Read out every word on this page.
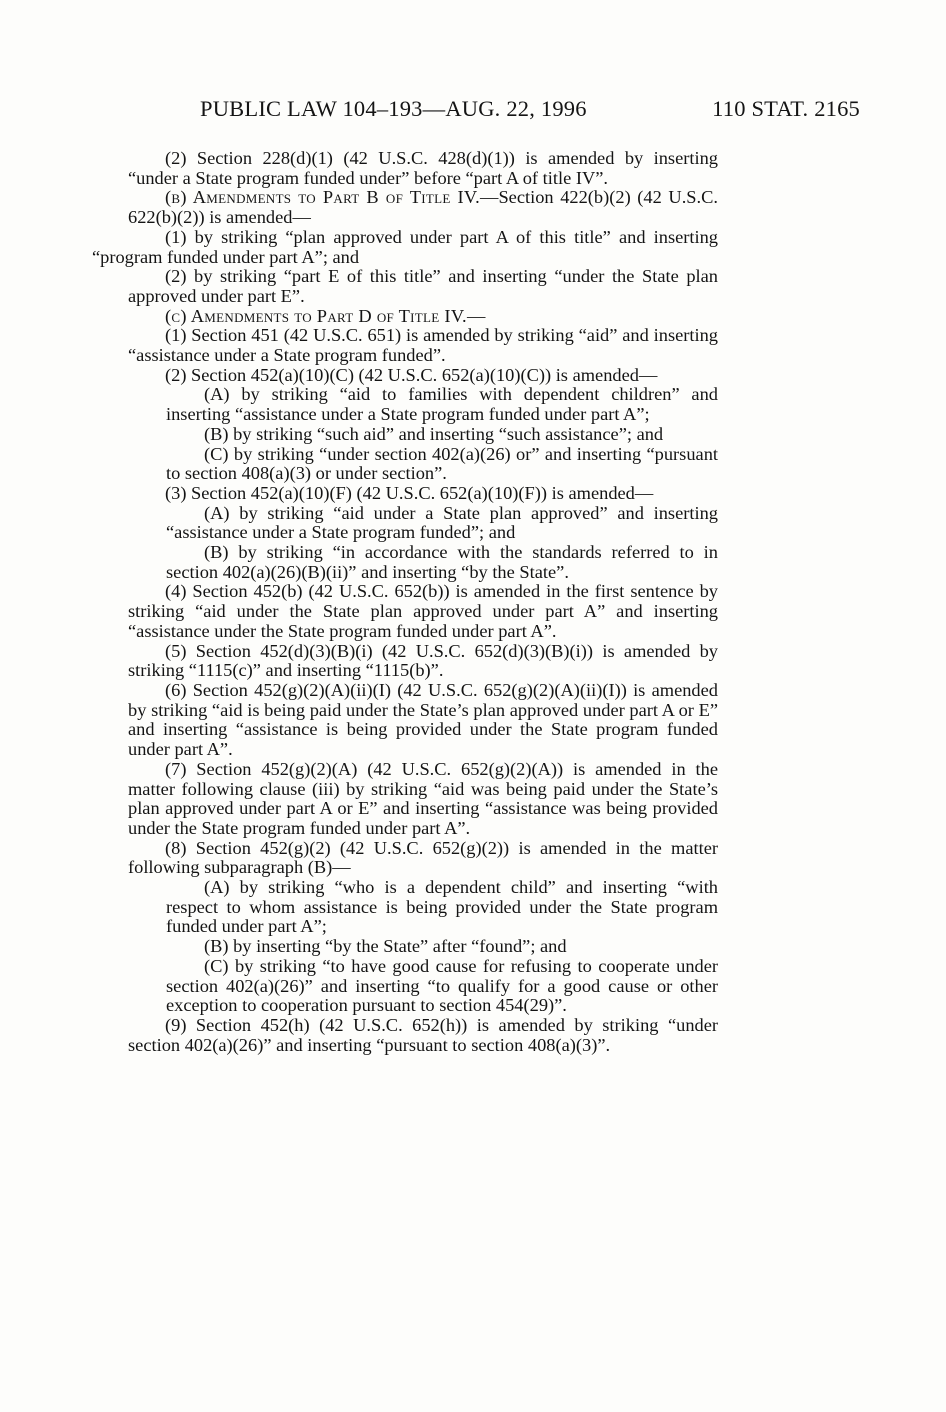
PUBLIC LAW 104–193—AUG. 22, 1996	110 STAT. 2165

(2) Section 228(d)(1) (42 U.S.C. 428(d)(1)) is amended by inserting “under a State program funded under” before “part A of title IV”.

(b) Amendments to Part B of Title IV.—Section 422(b)(2) (42 U.S.C. 622(b)(2)) is amended—

(1) by striking “plan approved under part A of this title” and inserting “program funded under part A”; and

(2) by striking “part E of this title” and inserting “under the State plan approved under part E”.

(c) Amendments to Part D of Title IV.—

(1) Section 451 (42 U.S.C. 651) is amended by striking “aid” and inserting “assistance under a State program funded”.

(2) Section 452(a)(10)(C) (42 U.S.C. 652(a)(10)(C)) is amended—

(A) by striking “aid to families with dependent children” and inserting “assistance under a State program funded under part A”;

(B) by striking “such aid” and inserting “such assistance”; and

(C) by striking “under section 402(a)(26) or” and inserting “pursuant to section 408(a)(3) or under section”.

(3) Section 452(a)(10)(F) (42 U.S.C. 652(a)(10)(F)) is amended—

(A) by striking “aid under a State plan approved” and inserting “assistance under a State program funded”; and

(B) by striking “in accordance with the standards referred to in section 402(a)(26)(B)(ii)” and inserting “by the State”.

(4) Section 452(b) (42 U.S.C. 652(b)) is amended in the first sentence by striking “aid under the State plan approved under part A” and inserting “assistance under the State program funded under part A”.

(5) Section 452(d)(3)(B)(i) (42 U.S.C. 652(d)(3)(B)(i)) is amended by striking “1115(c)” and inserting “1115(b)”.

(6) Section 452(g)(2)(A)(ii)(I) (42 U.S.C. 652(g)(2)(A)(ii)(I)) is amended by striking “aid is being paid under the State’s plan approved under part A or E” and inserting “assistance is being provided under the State program funded under part A”.

(7) Section 452(g)(2)(A) (42 U.S.C. 652(g)(2)(A)) is amended in the matter following clause (iii) by striking “aid was being paid under the State’s plan approved under part A or E” and inserting “assistance was being provided under the State program funded under part A”.

(8) Section 452(g)(2) (42 U.S.C. 652(g)(2)) is amended in the matter following subparagraph (B)—

(A) by striking “who is a dependent child” and inserting “with respect to whom assistance is being provided under the State program funded under part A”;

(B) by inserting “by the State” after “found”; and

(C) by striking “to have good cause for refusing to cooperate under section 402(a)(26)” and inserting “to qualify for a good cause or other exception to cooperation pursuant to section 454(29)”.

(9) Section 452(h) (42 U.S.C. 652(h)) is amended by striking “under section 402(a)(26)” and inserting “pursuant to section 408(a)(3)”.
